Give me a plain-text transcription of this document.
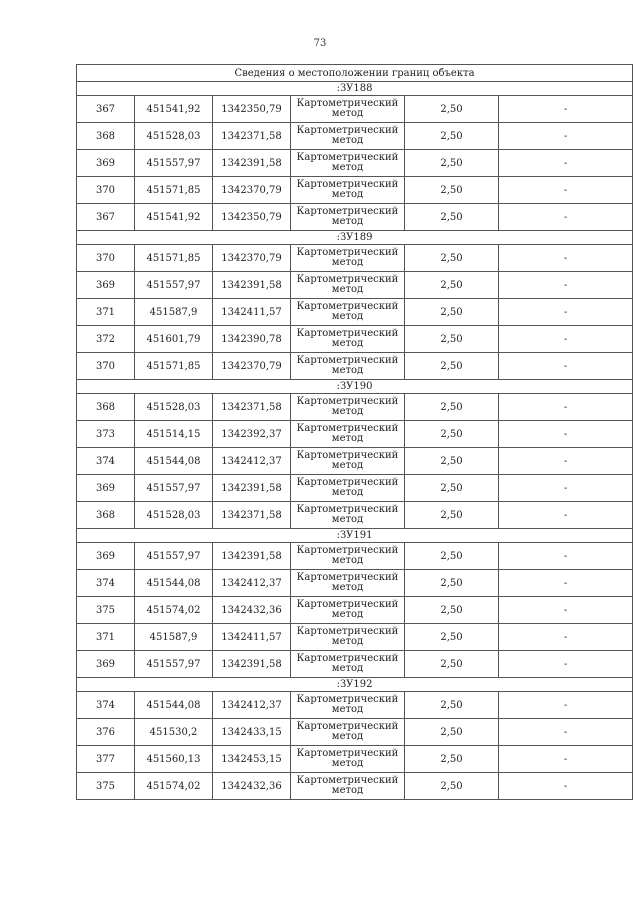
73
Сведения о местоположении границ объекта					
:ЗУ188					
367	451541,92	1342350,79	Картометрический метод	2,50	-
368	451528,03	1342371,58	Картометрический метод	2,50	-
369	451557,97	1342391,58	Картометрический метод	2,50	-
370	451571,85	1342370,79	Картометрический метод	2,50	-
367	451541,92	1342350,79	Картометрический метод	2,50	-
:ЗУ189					
370	451571,85	1342370,79	Картометрический метод	2,50	-
369	451557,97	1342391,58	Картометрический метод	2,50	-
371	451587,9	1342411,57	Картометрический метод	2,50	-
372	451601,79	1342390,78	Картометрический метод	2,50	-
370	451571,85	1342370,79	Картометрический метод	2,50	-
:ЗУ190					
368	451528,03	1342371,58	Картометрический метод	2,50	-
373	451514,15	1342392,37	Картометрический метод	2,50	-
374	451544,08	1342412,37	Картометрический метод	2,50	-
369	451557,97	1342391,58	Картометрический метод	2,50	-
368	451528,03	1342371,58	Картометрический метод	2,50	-
:ЗУ191					
369	451557,97	1342391,58	Картометрический метод	2,50	-
374	451544,08	1342412,37	Картометрический метод	2,50	-
375	451574,02	1342432,36	Картометрический метод	2,50	-
371	451587,9	1342411,57	Картометрический метод	2,50	-
369	451557,97	1342391,58	Картометрический метод	2,50	-
:ЗУ192					
374	451544,08	1342412,37	Картометрический метод	2,50	-
376	451530,2	1342433,15	Картометрический метод	2,50	-
377	451560,13	1342453,15	Картометрический метод	2,50	-
375	451574,02	1342432,36	Картометрический метод	2,50	-
